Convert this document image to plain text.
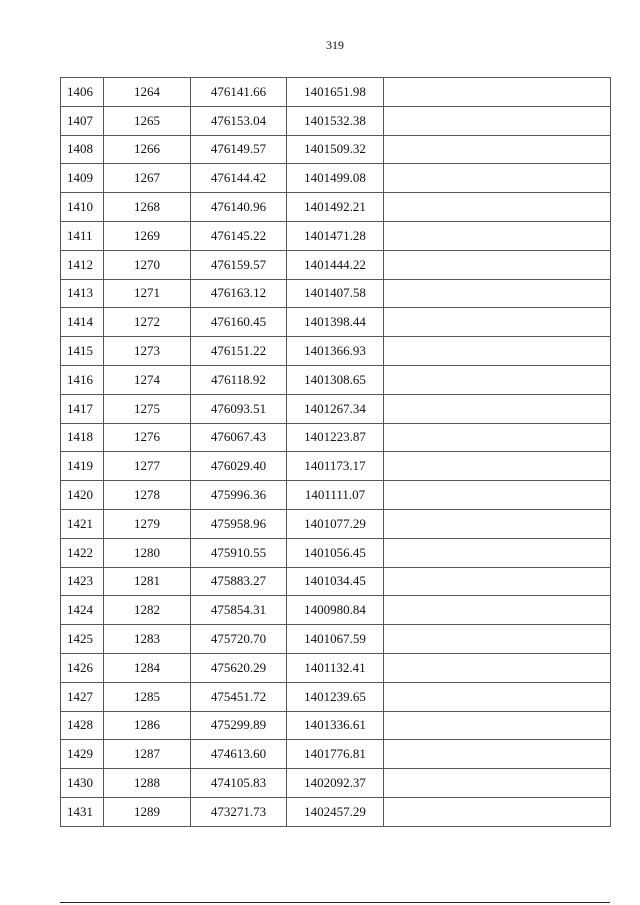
319
1406	1264	476141.66	1401651.98	
1407	1265	476153.04	1401532.38	
1408	1266	476149.57	1401509.32	
1409	1267	476144.42	1401499.08	
1410	1268	476140.96	1401492.21	
1411	1269	476145.22	1401471.28	
1412	1270	476159.57	1401444.22	
1413	1271	476163.12	1401407.58	
1414	1272	476160.45	1401398.44	
1415	1273	476151.22	1401366.93	
1416	1274	476118.92	1401308.65	
1417	1275	476093.51	1401267.34	
1418	1276	476067.43	1401223.87	
1419	1277	476029.40	1401173.17	
1420	1278	475996.36	1401111.07	
1421	1279	475958.96	1401077.29	
1422	1280	475910.55	1401056.45	
1423	1281	475883.27	1401034.45	
1424	1282	475854.31	1400980.84	
1425	1283	475720.70	1401067.59	
1426	1284	475620.29	1401132.41	
1427	1285	475451.72	1401239.65	
1428	1286	475299.89	1401336.61	
1429	1287	474613.60	1401776.81	
1430	1288	474105.83	1402092.37	
1431	1289	473271.73	1402457.29	
